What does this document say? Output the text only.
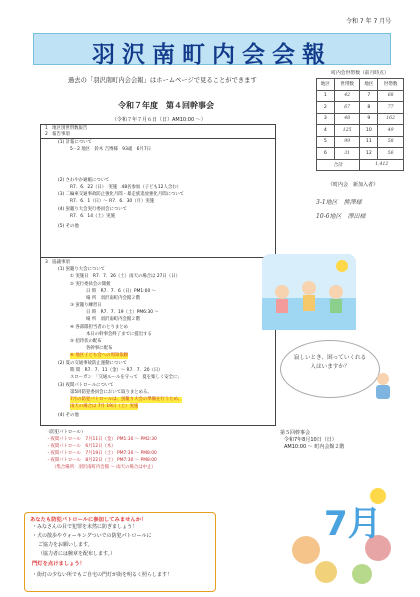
令和 7 年 7 月号
羽沢南町内会会報
過去の「羽沢南町内会会報」はホームページで見ることができます
町内会世帯数（前月時点）
地区	世帯数	地区	世帯数
1	42	7	68
2	67	8	77
3	48	9	162
4	125	10	49
5	99	11	58
6	31	12	56
合計		1,412	
《町内会　新加入者》
3-1地区　熊澤様
10-6地区　澤田様
令和７年度　第４回幹事会
（令和７年７月６日（日）AM10:00 ～）
1　地区別世帯数報告
2　報告事項
(1) 計報について
5－2 地区　鈴木 吉博様　93歳　6月7日
(2) さわやか通帳について
R7．6．22（日）　実施　48名参加（子ども12人含む）
(3) 二輪車交通事故防止強化月間・暴走族追放強化月間について
R7．6．1（日）～ R7．6．30（月）実施
(4) 蛍籠り大会実行委員会について
R7．6．14（土）実施
(5) その他
3　協議事項
(1) 蛍籠り大会について
① 実施日　R7．7．26（土）雨天の場合は 27日（日）
② 実行委員会の開催
日 時　R7．7．6（日）PM1:00 ～
場 所　羽沢南町内会館２階
③ 蛍籠り練習日
日 時　R7．7．19（土）PM6:30 ～
場 所　羽沢南町内会館２階
④ 各部隊担当者のとりまとめ
本日の幹事会終了までに提出する
⑤ 招待状の配布
各幹事に配布
⑥ 地区子ども会への周知依頼
(2) 夏の交通事故防止運動について
期 間　R7．7．11（金）～ R7．7．20（日）
スローガン　「交通ルールを守って　夏を楽しく安全に」
(3) 夜間パトロールについて
第5回防犯委員会において取りまとめる。
7月の防犯パトロールは、蛍籠り大会の準備を行うため、
雨天の場合は 7月 19日（土）実施
(4) その他
寂しいとき、困っていくれる
人はいますか？
（防犯パトロール）
・夜間パトロール　7月11日（金） PM1:30 ～ PM2:30
・夜間パトロール　6月12日（木）
・夜間パトロール　7月19日（土） PM7:30 ～ PM8:00
・夜間パトロール　8月22日（土） PM7:30 ～ PM8:00
（集合場所：羽沢南町内会館 ～ 雨天の場合は中止）
第５回幹事会
令和7年8月10日（日）
AM10:00 ～ 町内会館２階
あなたも防犯パトロールに参加してみませんか！
・みなさんの目で犯罪を未然に防ぎましょう！
・犬の散歩やウォーキングついでの防犯パトロールに
ご協力をお願いします。
（協力者には腕章を配布します。）
門灯を点けましょう！
・街灯の少ない所でもご自宅の門灯が街を明るく照らします！
7月
